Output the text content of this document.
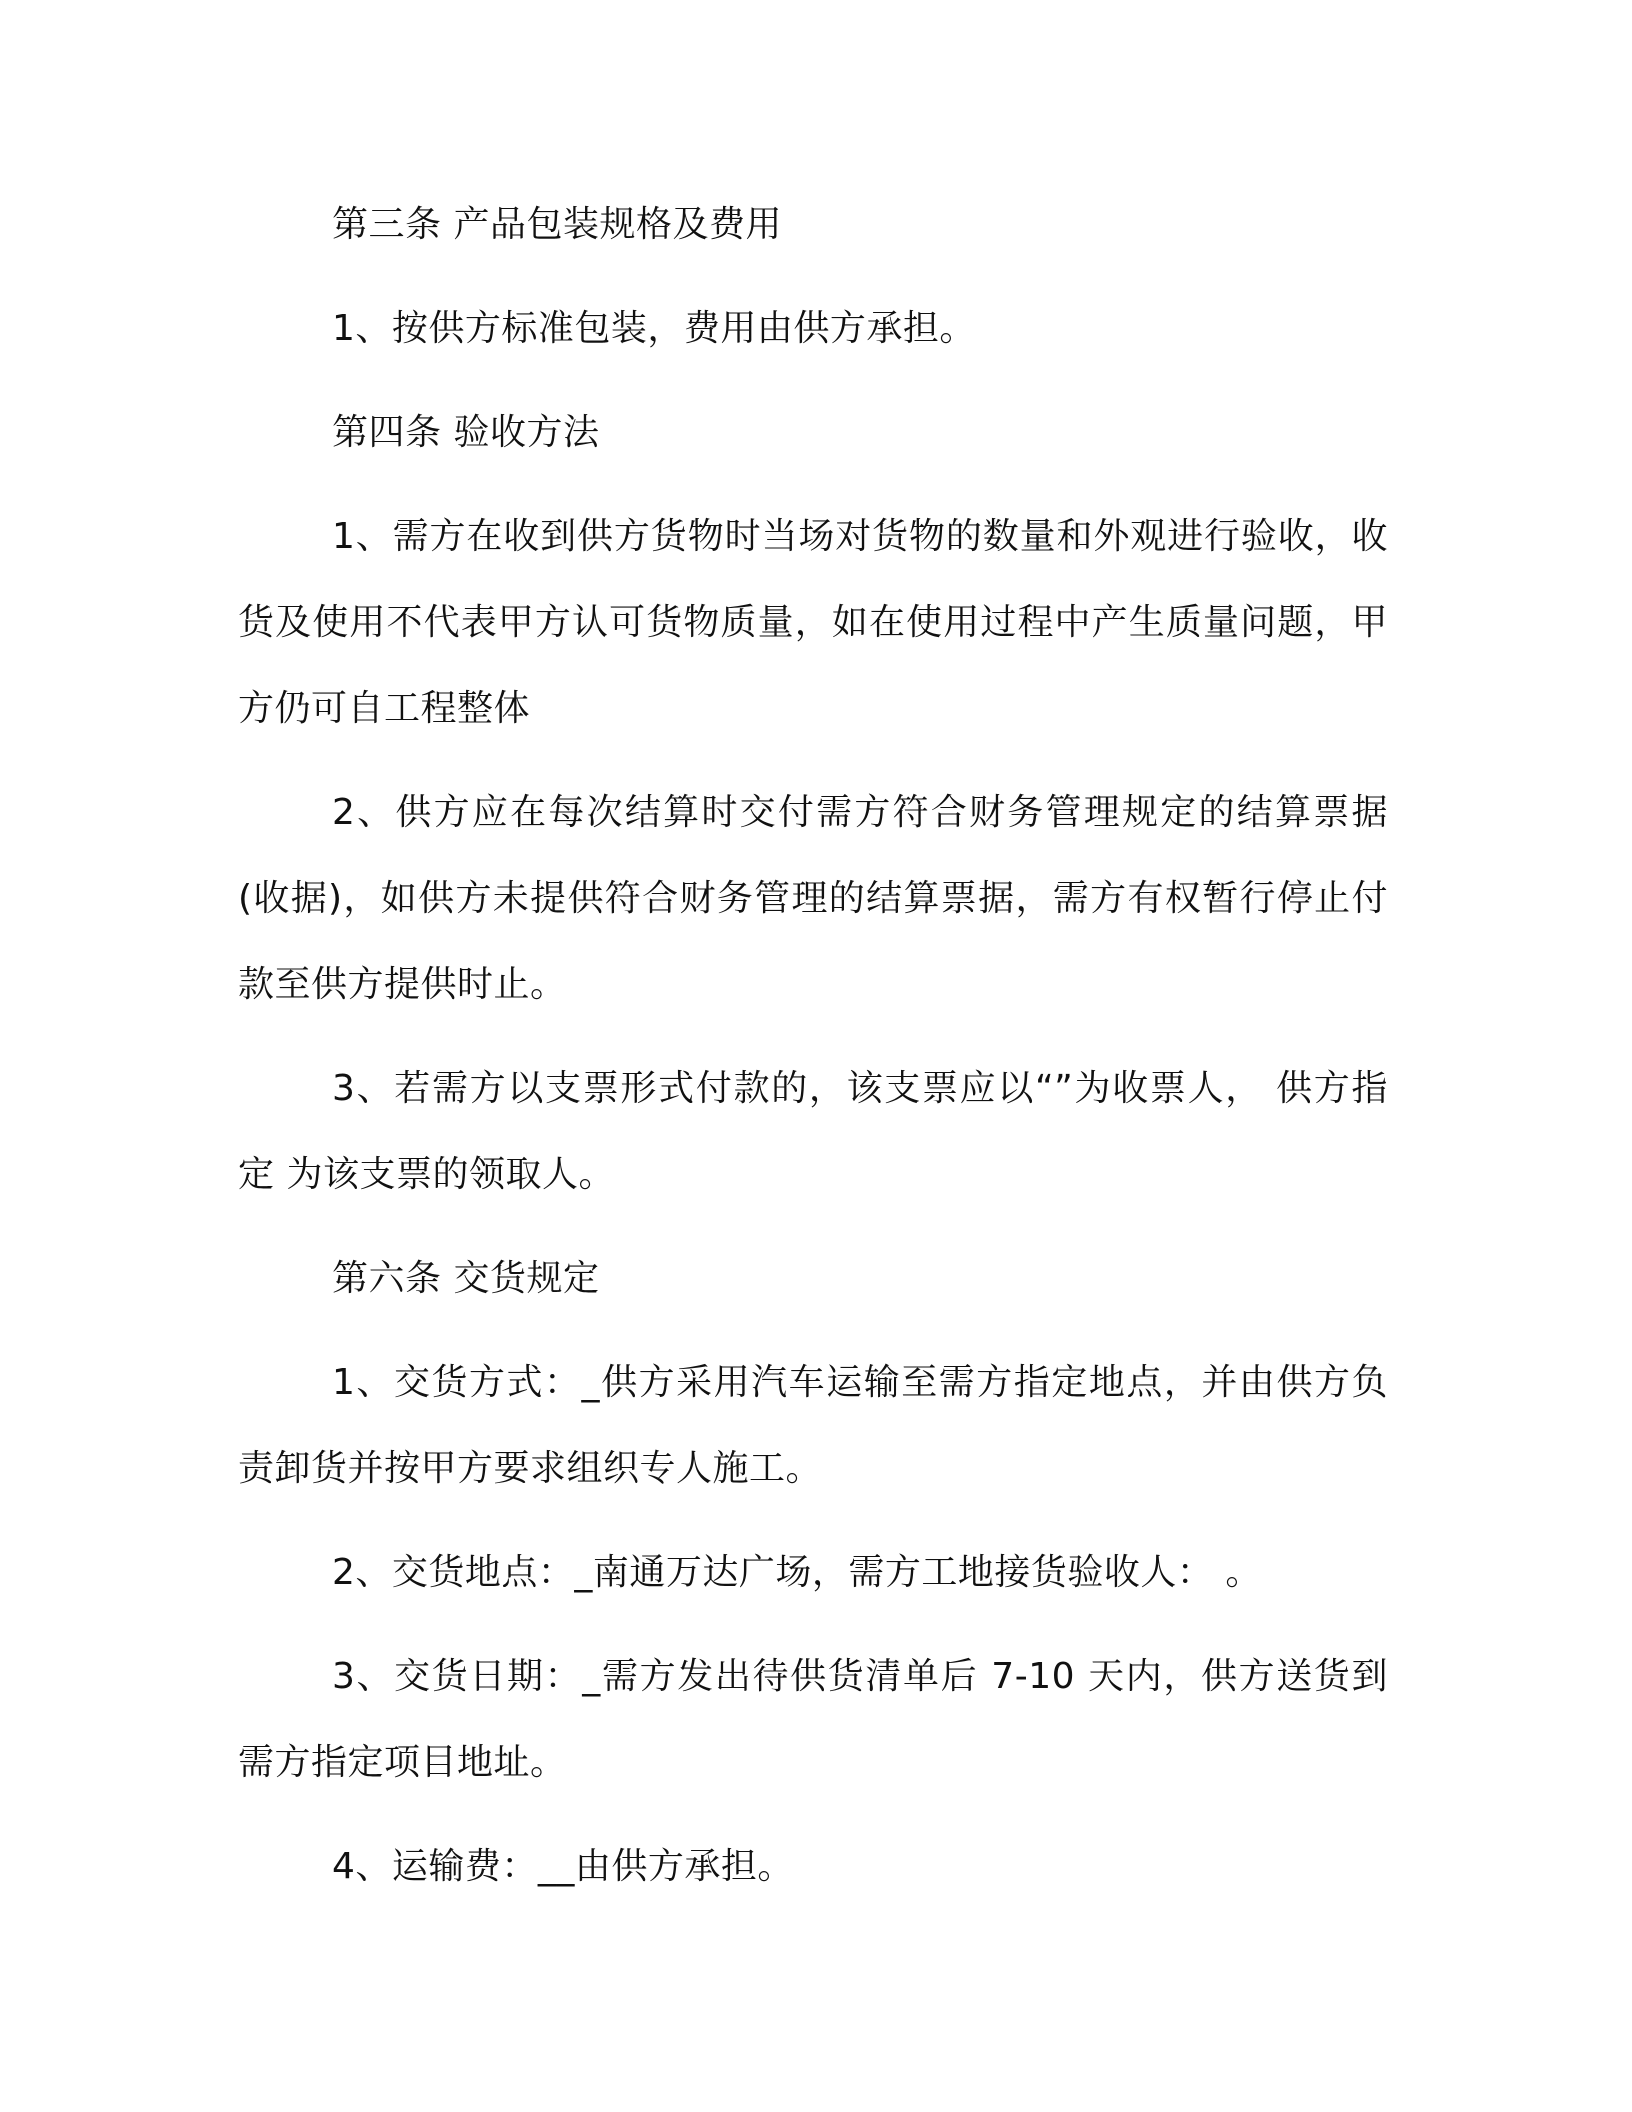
第三条 产品包装规格及费用

1、按供方标准包装，费用由供方承担。

第四条 验收方法

1、需方在收到供方货物时当场对货物的数量和外观进行验收，收货及使用不代表甲方认可货物质量，如在使用过程中产生质量问题，甲方仍可自工程整体

2、供方应在每次结算时交付需方符合财务管理规定的结算票据(收据)，如供方未提供符合财务管理的结算票据，需方有权暂行停止付款至供方提供时止。

3、若需方以支票形式付款的，该支票应以“”为收票人， 供方指定 为该支票的领取人。

第六条 交货规定

1、交货方式：_供方采用汽车运输至需方指定地点，并由供方负责卸货并按甲方要求组织专人施工。

2、交货地点：_南通万达广场，需方工地接货验收人： 。

3、交货日期：_需方发出待供货清单后 7-10 天内，供方送货到需方指定项目地址。

4、运输费：__由供方承担。
